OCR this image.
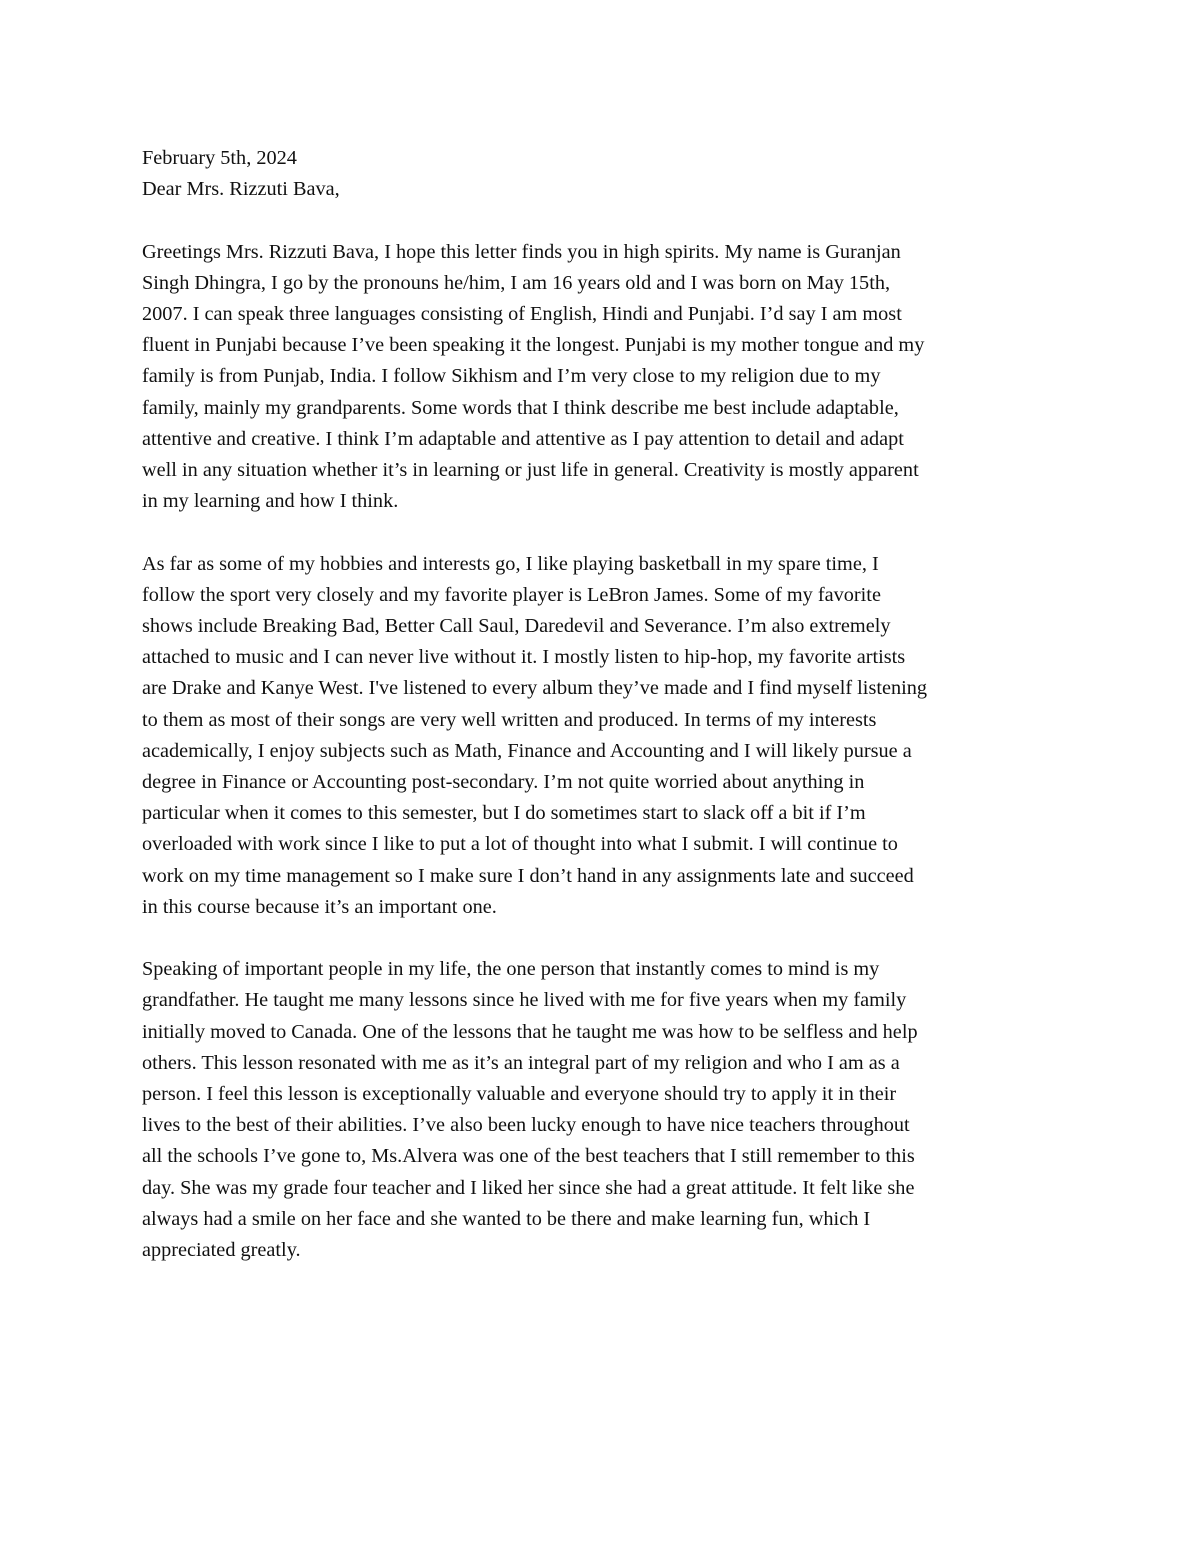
February 5th, 2024
Dear Mrs. Rizzuti Bava,
Greetings Mrs. Rizzuti Bava, I hope this letter finds you in high spirits. My name is Guranjan
Singh Dhingra, I go by the pronouns he/him, I am 16 years old and I was born on May 15th,
2007. I can speak three languages consisting of English, Hindi and Punjabi. I’d say I am most
fluent in Punjabi because I’ve been speaking it the longest. Punjabi is my mother tongue and my
family is from Punjab, India. I follow Sikhism and I’m very close to my religion due to my
family, mainly my grandparents. Some words that I think describe me best include adaptable,
attentive and creative. I think I’m adaptable and attentive as I pay attention to detail and adapt
well in any situation whether it’s in learning or just life in general. Creativity is mostly apparent
in my learning and how I think.
As far as some of my hobbies and interests go, I like playing basketball in my spare time, I
follow the sport very closely and my favorite player is LeBron James. Some of my favorite
shows include Breaking Bad, Better Call Saul, Daredevil and Severance. I’m also extremely
attached to music and I can never live without it. I mostly listen to hip-hop, my favorite artists
are Drake and Kanye West. I've listened to every album they’ve made and I find myself listening
to them as most of their songs are very well written and produced. In terms of my interests
academically, I enjoy subjects such as Math, Finance and Accounting and I will likely pursue a
degree in Finance or Accounting post-secondary. I’m not quite worried about anything in
particular when it comes to this semester, but I do sometimes start to slack off a bit if I’m
overloaded with work since I like to put a lot of thought into what I submit. I will continue to
work on my time management so I make sure I don’t hand in any assignments late and succeed
in this course because it’s an important one.
Speaking of important people in my life, the one person that instantly comes to mind is my
grandfather. He taught me many lessons since he lived with me for five years when my family
initially moved to Canada. One of the lessons that he taught me was how to be selfless and help
others. This lesson resonated with me as it’s an integral part of my religion and who I am as a
person. I feel this lesson is exceptionally valuable and everyone should try to apply it in their
lives to the best of their abilities. I’ve also been lucky enough to have nice teachers throughout
all the schools I’ve gone to, Ms.Alvera was one of the best teachers that I still remember to this
day. She was my grade four teacher and I liked her since she had a great attitude. It felt like she
always had a smile on her face and she wanted to be there and make learning fun, which I
appreciated greatly.
